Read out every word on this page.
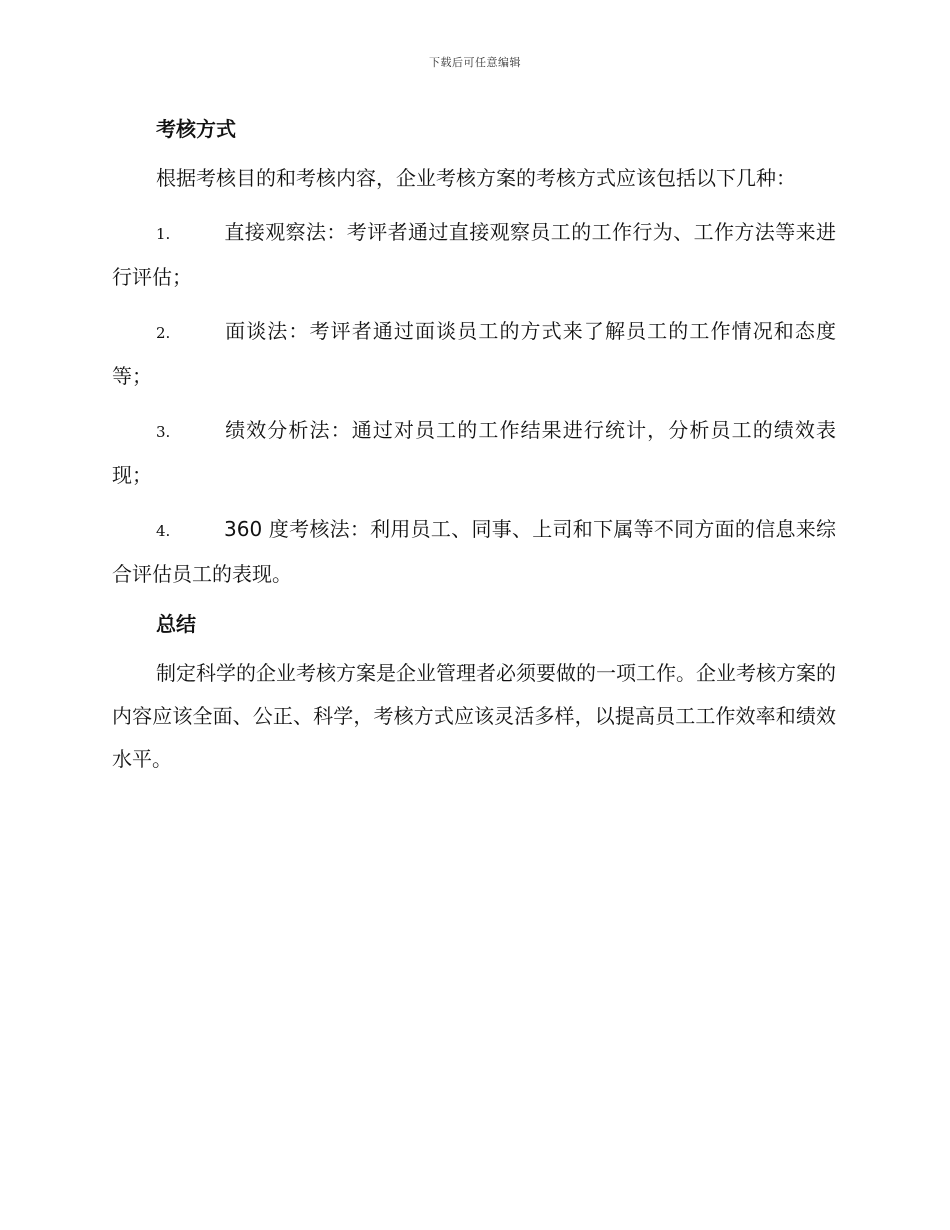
下载后可任意编辑
考核方式

根据考核目的和考核内容，企业考核方案的考核方式应该包括以下几种：

1.	直接观察法：考评者通过直接观察员工的工作行为、工作方法等来进行评估；

2.	面谈法：考评者通过面谈员工的方式来了解员工的工作情况和态度等；

3.	绩效分析法：通过对员工的工作结果进行统计，分析员工的绩效表现；

4.	360 度考核法：利用员工、同事、上司和下属等不同方面的信息来综合评估员工的表现。

总结

制定科学的企业考核方案是企业管理者必须要做的一项工作。企业考核方案的内容应该全面、公正、科学，考核方式应该灵活多样，以提高员工工作效率和绩效水平。
